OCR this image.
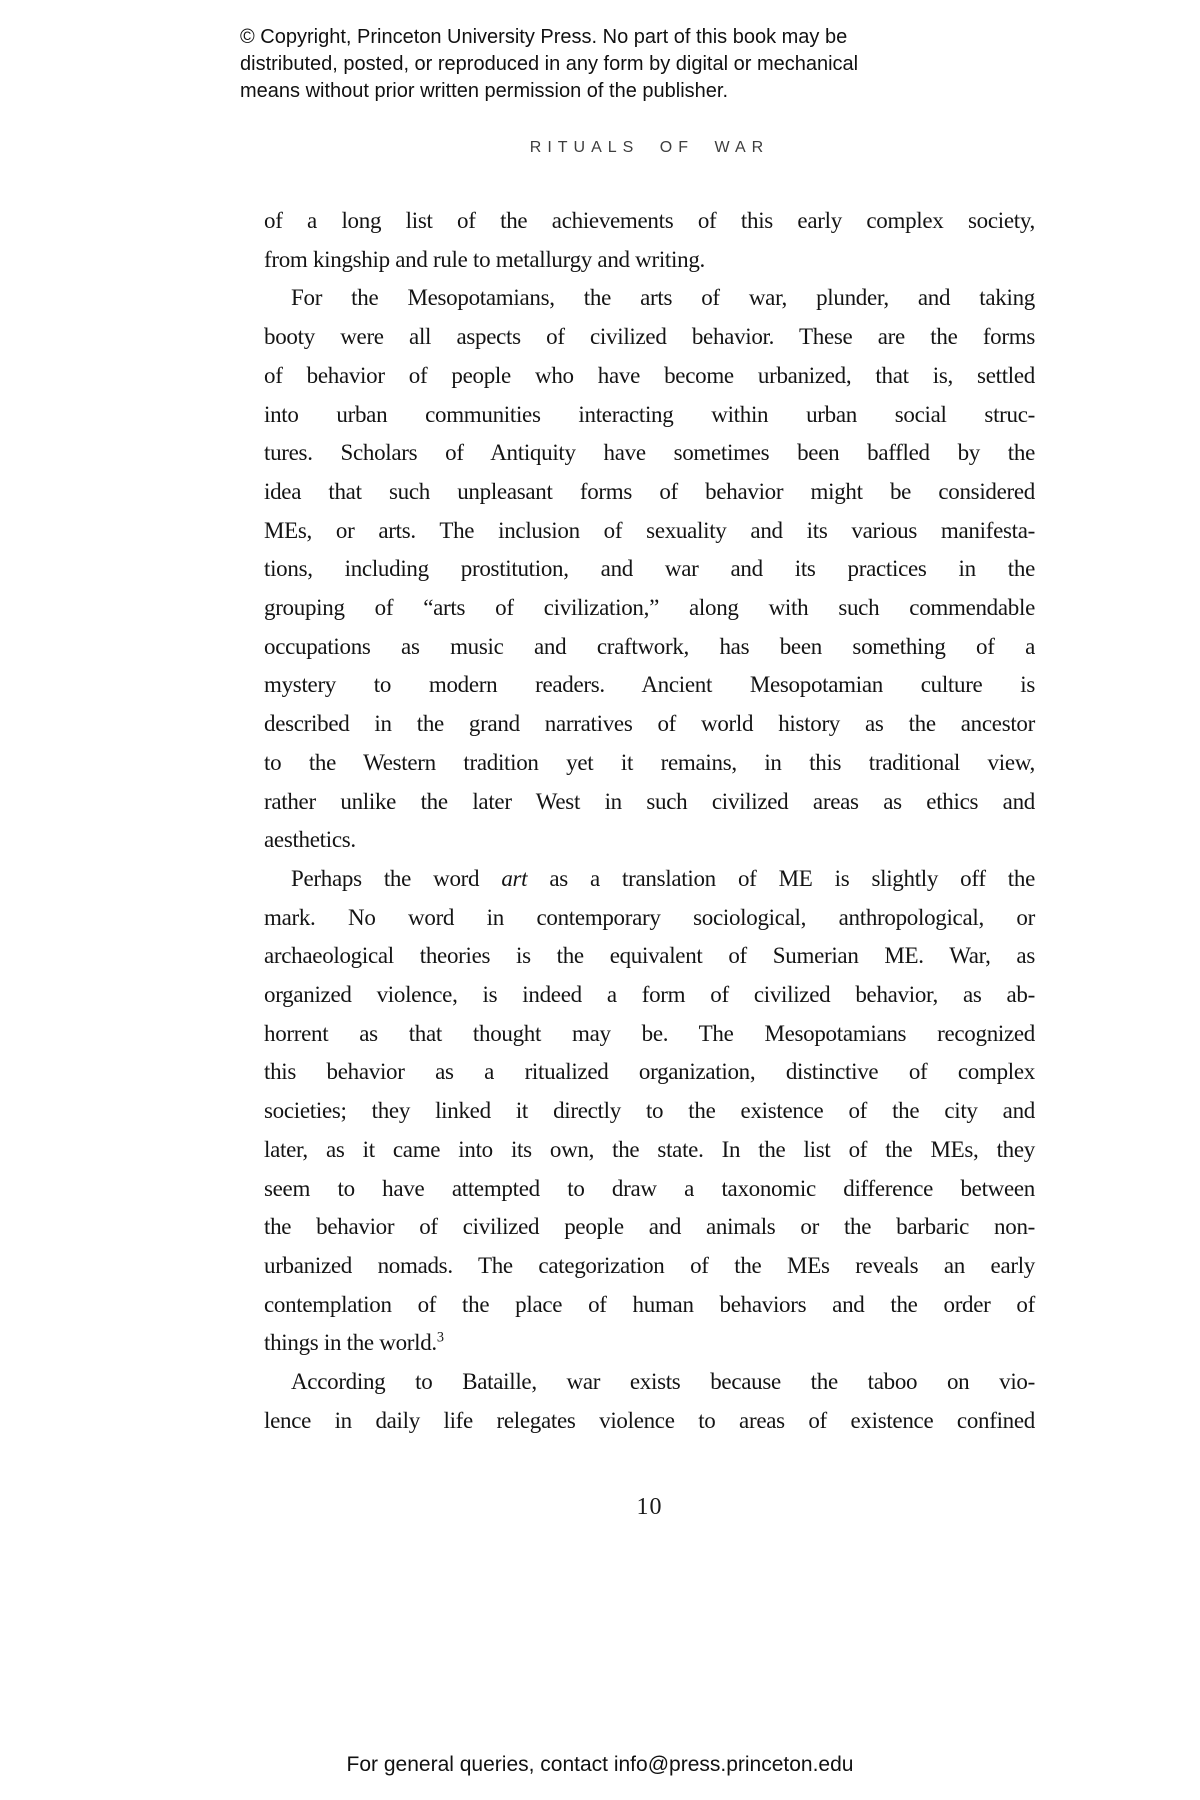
© Copyright, Princeton University Press. No part of this book may be
distributed, posted, or reproduced in any form by digital or mechanical
means without prior written permission of the publisher.
RITUALS OF WAR
of a long list of the achievements of this early complex society,
from kingship and rule to metallurgy and writing.
For the Mesopotamians, the arts of war, plunder, and taking
booty were all aspects of civilized behavior. These are the forms
of behavior of people who have become urbanized, that is, settled
into urban communities interacting within urban social struc-
tures. Scholars of Antiquity have sometimes been baffled by the
idea that such unpleasant forms of behavior might be considered
MEs, or arts. The inclusion of sexuality and its various manifesta-
tions, including prostitution, and war and its practices in the
grouping of “arts of civilization,” along with such commendable
occupations as music and craftwork, has been something of a
mystery to modern readers. Ancient Mesopotamian culture is
described in the grand narratives of world history as the ancestor
to the Western tradition yet it remains, in this traditional view,
rather unlike the later West in such civilized areas as ethics and
aesthetics.
Perhaps the word art as a translation of ME is slightly off the
mark. No word in contemporary sociological, anthropological, or
archaeological theories is the equivalent of Sumerian ME. War, as
organized violence, is indeed a form of civilized behavior, as ab-
horrent as that thought may be. The Mesopotamians recognized
this behavior as a ritualized organization, distinctive of complex
societies; they linked it directly to the existence of the city and
later, as it came into its own, the state. In the list of the MEs, they
seem to have attempted to draw a taxonomic difference between
the behavior of civilized people and animals or the barbaric non-
urbanized nomads. The categorization of the MEs reveals an early
contemplation of the place of human behaviors and the order of
things in the world.$^3$
According to Bataille, war exists because the taboo on vio-
lence in daily life relegates violence to areas of existence confined
10
For general queries, contact info@press.princeton.edu
